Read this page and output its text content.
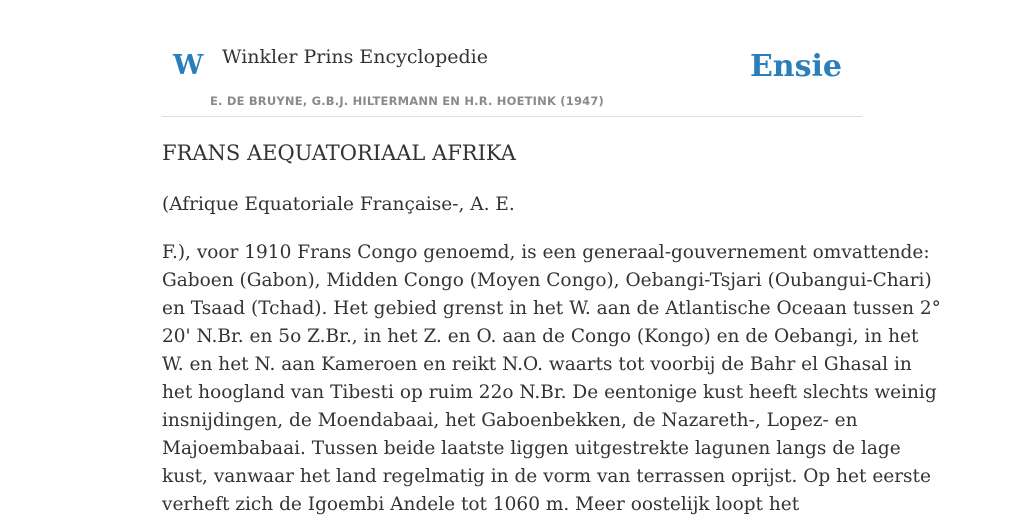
W Winkler Prins Encyclopedie
E. DE BRUYNE, G.B.J. HILTERMANN EN H.R. HOETINK (1947)
Ensie
FRANS AEQUATORIAAL AFRIKA

(Afrique Equatoriale Française-, A. E.

F.), voor 1910 Frans Congo genoemd, is een generaal-gouvernement omvattende:
Gaboen (Gabon), Midden Congo (Moyen Congo), Oebangi-Tsjari (Oubangui-Chari)
en Tsaad (Tchad). Het gebied grenst in het W. aan de Atlantische Oceaan tussen 2°
20' N.Br. en 5o Z.Br., in het Z. en O. aan de Congo (Kongo) en de Oebangi, in het
W. en het N. aan Kameroen en reikt N.O. waarts tot voorbij de Bahr el Ghasal in
het hoogland van Tibesti op ruim 22o N.Br. De eentonige kust heeft slechts weinig
insnijdingen, de Moendabaai, het Gaboenbekken, de Nazareth-, Lopez- en
Majoembabaai. Tussen beide laatste liggen uitgestrekte lagunen langs de lage
kust, vanwaar het land regelmatig in de vorm van terrassen oprijst. Op het eerste
verheft zich de Igoembi Andele tot 1060 m. Meer oostelijk loopt het
